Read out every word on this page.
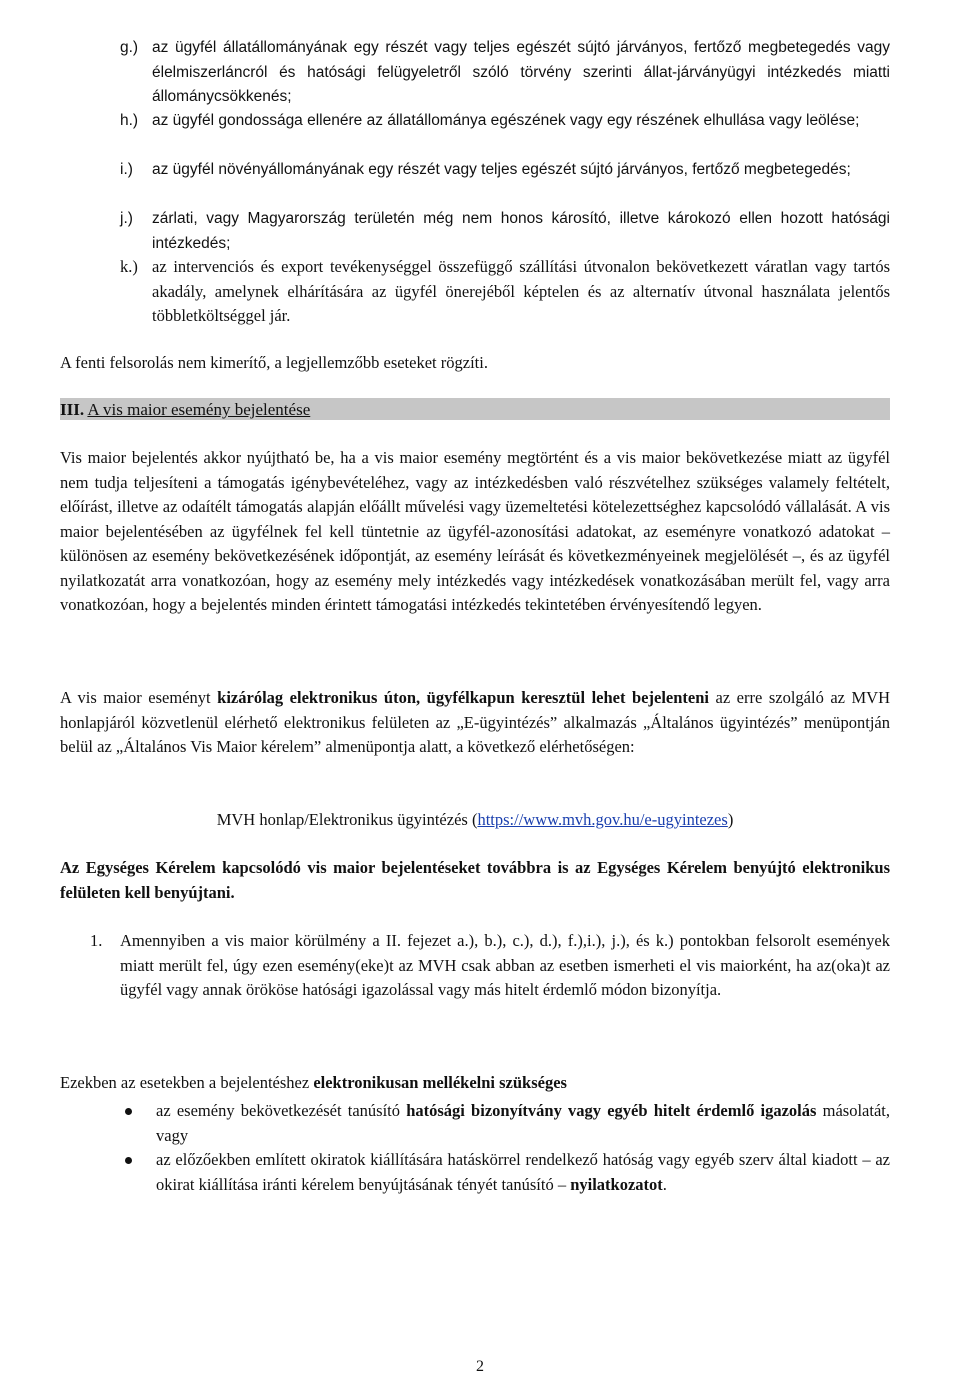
g.) az ügyfél állatállományának egy részét vagy teljes egészét sújtó járványos, fertőző megbetegedés vagy élelmiszerláncról és hatósági felügyeletről szóló törvény szerinti állat-járványügyi intézkedés miatti állománycsökkenés;
h.) az ügyfél gondossága ellenére az állatállománya egészének vagy egy részének elhullása vagy leölése;
i.) az ügyfél növényállományának egy részét vagy teljes egészét sújtó járványos, fertőző megbetegedés;
j.) zárlati, vagy Magyarország területén még nem honos károsító, illetve károkozó ellen hozott hatósági intézkedés;
k.) az intervenciós és export tevékenységgel összefüggő szállítási útvonalon bekövetkezett váratlan vagy tartós akadály, amelynek elhárítására az ügyfél önerejéből képtelen és az alternatív útvonal használata jelentős többletköltséggel jár.
A fenti felsorolás nem kimerítő, a legjellemzőbb eseteket rögzíti.
III. A vis maior esemény bejelentése
Vis maior bejelentés akkor nyújtható be, ha a vis maior esemény megtörtént és a vis maior bekövetkezése miatt az ügyfél nem tudja teljesíteni a támogatás igénybevételéhez, vagy az intézkedésben való részvételhez szükséges valamely feltételt, előírást, illetve az odaítélt támogatás alapján előállt művelési vagy üzemeltetési kötelezettséghez kapcsolódó vállalását. A vis maior bejelentésében az ügyfélnek fel kell tüntetnie az ügyfél-azonosítási adatokat, az eseményre vonatkozó adatokat – különösen az esemény bekövetkezésének időpontját, az esemény leírását és következményeinek megjelölését –, és az ügyfél nyilatkozatát arra vonatkozóan, hogy az esemény mely intézkedés vagy intézkedések vonatkozásában merült fel, vagy arra vonatkozóan, hogy a bejelentés minden érintett támogatási intézkedés tekintetében érvényesítendő legyen.
A vis maior eseményt kizárólag elektronikus úton, ügyfélkapun keresztül lehet bejelenteni az erre szolgáló az MVH honlapjáról közvetlenül elérhető elektronikus felületen az „E-ügyintézés” alkalmazás „Általános ügyintézés” menüpontján belül az „Általános Vis Maior kérelem” almenüpontja alatt, a következő elérhetőségen:
MVH honlap/Elektronikus ügyintézés (https://www.mvh.gov.hu/e-ugyintezes)
Az Egységes Kérelem kapcsolódó vis maior bejelentéseket továbbra is az Egységes Kérelem benyújtó elektronikus felületen kell benyújtani.
1. Amennyiben a vis maior körülmény a II. fejezet a.), b.), c.), d.), f.),i.), j.), és k.) pontokban felsorolt események miatt merült fel, úgy ezen esemény(eke)t az MVH csak abban az esetben ismerheti el vis maiorként, ha az(oka)t az ügyfél vagy annak örököse hatósági igazolással vagy más hitelt érdemlő módon bizonyítja.
Ezekben az esetekben a bejelentéshez elektronikusan mellékelni szükséges
az esemény bekövetkezését tanúsító hatósági bizonyítvány vagy egyéb hitelt érdemlő igazolás másolatát, vagy
az előzőekben említett okiratok kiállítására hatáskörrel rendelkező hatóság vagy egyéb szerv által kiadott – az okirat kiállítása iránti kérelem benyújtásának tényét tanúsító – nyilatkozatot.
2
